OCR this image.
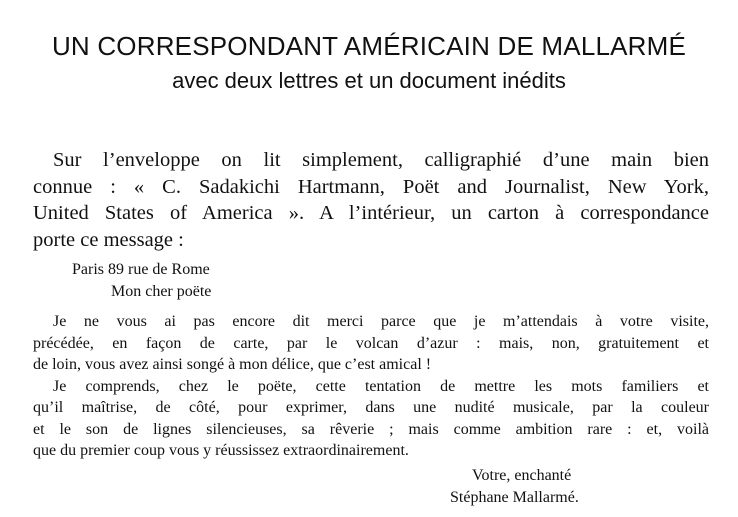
UN CORRESPONDANT AMÉRICAIN DE MALLARMÉ
avec deux lettres et un document inédits
Sur l’enveloppe on lit simplement, calligraphié d’une main bien
connue : « C. Sadakichi Hartmann, Poët and Journalist, New York,
United States of America ». A l’intérieur, un carton à correspondance
porte ce message :
Paris 89 rue de Rome
Mon cher poëte
Je ne vous ai pas encore dit merci parce que je m’attendais à votre visite,
précédée, en façon de carte, par le volcan d’azur : mais, non, gratuitement et
de loin, vous avez ainsi songé à mon délice, que c’est amical !
Je comprends, chez le poëte, cette tentation de mettre les mots familiers et
qu’il maîtrise, de côté, pour exprimer, dans une nudité musicale, par la couleur
et le son de lignes silencieuses, sa rêverie ; mais comme ambition rare : et, voilà
que du premier coup vous y réussissez extraordinairement.
Votre, enchanté
Stéphane Mallarmé.
